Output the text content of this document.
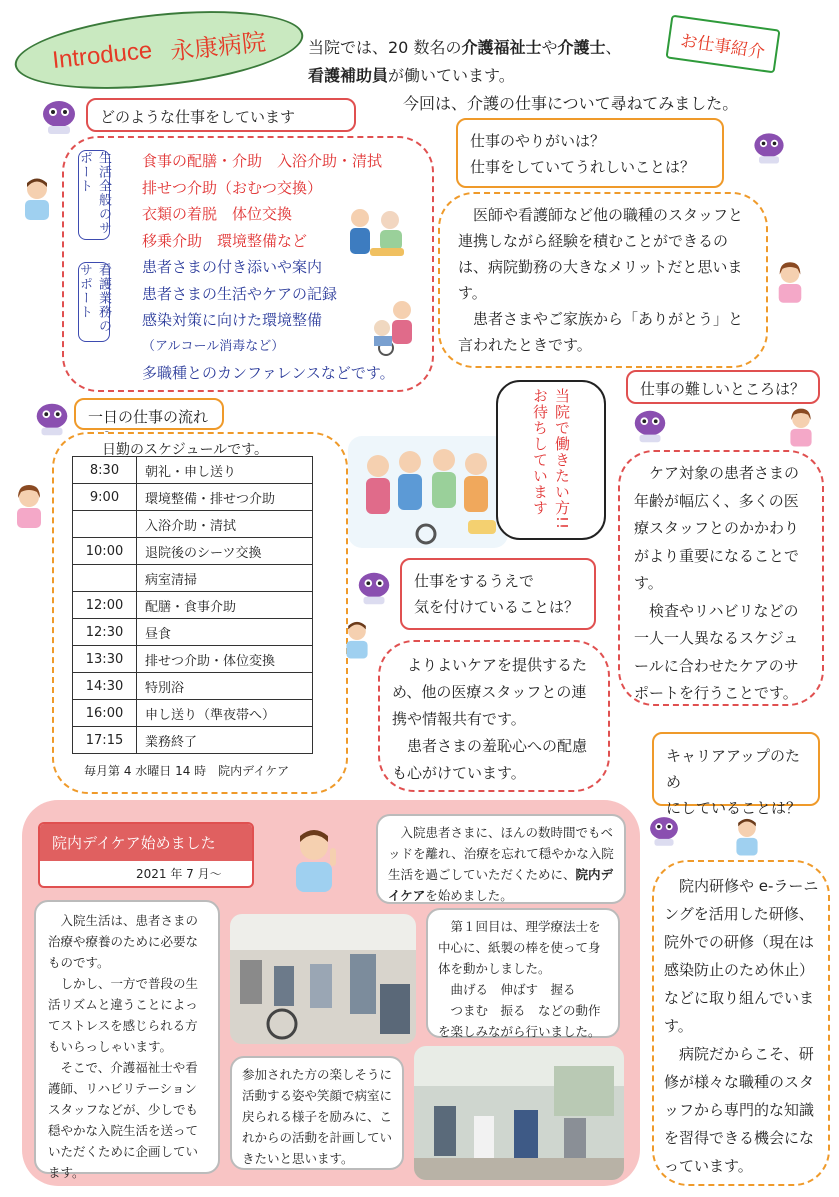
Introduce 永康病院	お仕事紹介
当院では、20 数名の介護福祉士や介護士、
看護補助員が働いています。
今回は、介護の仕事について尋ねてみました。
どのような仕事をしています
生活全般のサポート
看護業務のサポート
食事の配膳・介助　入浴介助・清拭
排せつ介助（おむつ交換）
衣類の着脱　体位交換
移乗介助　環境整備など
患者さまの付き添いや案内
患者さまの生活やケアの記録
感染対策に向けた環境整備
（アルコール消毒など）
多職種とのカンファレンスなどです。
一日の仕事の流れ
日勤のスケジュールです。
8:30	朝礼・申し送り
9:00	環境整備・排せつ介助
	入浴介助・清拭
10:00	退院後のシーツ交換
	病室清掃
12:00	配膳・食事介助
12:30	昼食
13:30	排せつ介助・体位変換
14:30	特別浴
16:00	申し送り（準夜帯へ）
17:15	業務終了
毎月第 4 水曜日 14 時　院内デイケア
仕事のやりがいは？
仕事をしていてうれしいことは？
　医師や看護師など他の職種のスタッフと連携しながら経験を積むことができるのは、病院勤務の大きなメリットだと思います。
　患者さまやご家族から「ありがとう」と言われたときです。
当院で働きたい方!!お待ちしています
仕事をするうえで
気を付けていることは？
　よりよいケアを提供するため、他の医療スタッフとの連携や情報共有です。
　患者さまの羞恥心への配慮も心がけています。
仕事の難しいところは？
　ケア対象の患者さまの年齢が幅広く、多くの医療スタッフとのかかわりがより重要になることです。
　検査やリハビリなどの一人一人異なるスケジュールに合わせたケアのサポートを行うことです。
キャリアアップのため
にしていることは？
　院内研修や e-ラーニングを活用した研修、院外での研修（現在は感染防止のため休止）などに取り組んでいます。
　病院だからこそ、研修が様々な職種のスタッフから専門的な知識を習得できる機会になっています。
院内デイケア始めました
2021 年 7 月～
　入院患者さまに、ほんの数時間でもベッドを離れ、治療を忘れて穏やかな入院生活を過ごしていただくために、院内デイケアを始めました。
　入院生活は、患者さまの治療や療養のために必要なものです。
　しかし、一方で普段の生活リズムと違うことによってストレスを感じられる方もいらっしゃいます。
　そこで、介護福祉士や看護師、リハビリテーションスタッフなどが、少しでも穏やかな入院生活を送っていただくために企画しています。
　第１回目は、理学療法士を中心に、紙製の棒を使って身体を動かしました。
　曲げる　伸ばす　握る
　つまむ　振る　などの動作を楽しみながら行いました。
参加された方の楽しそうに活動する姿や笑顔で病室に戻られる様子を励みに、これからの活動を計画していきたいと思います。
